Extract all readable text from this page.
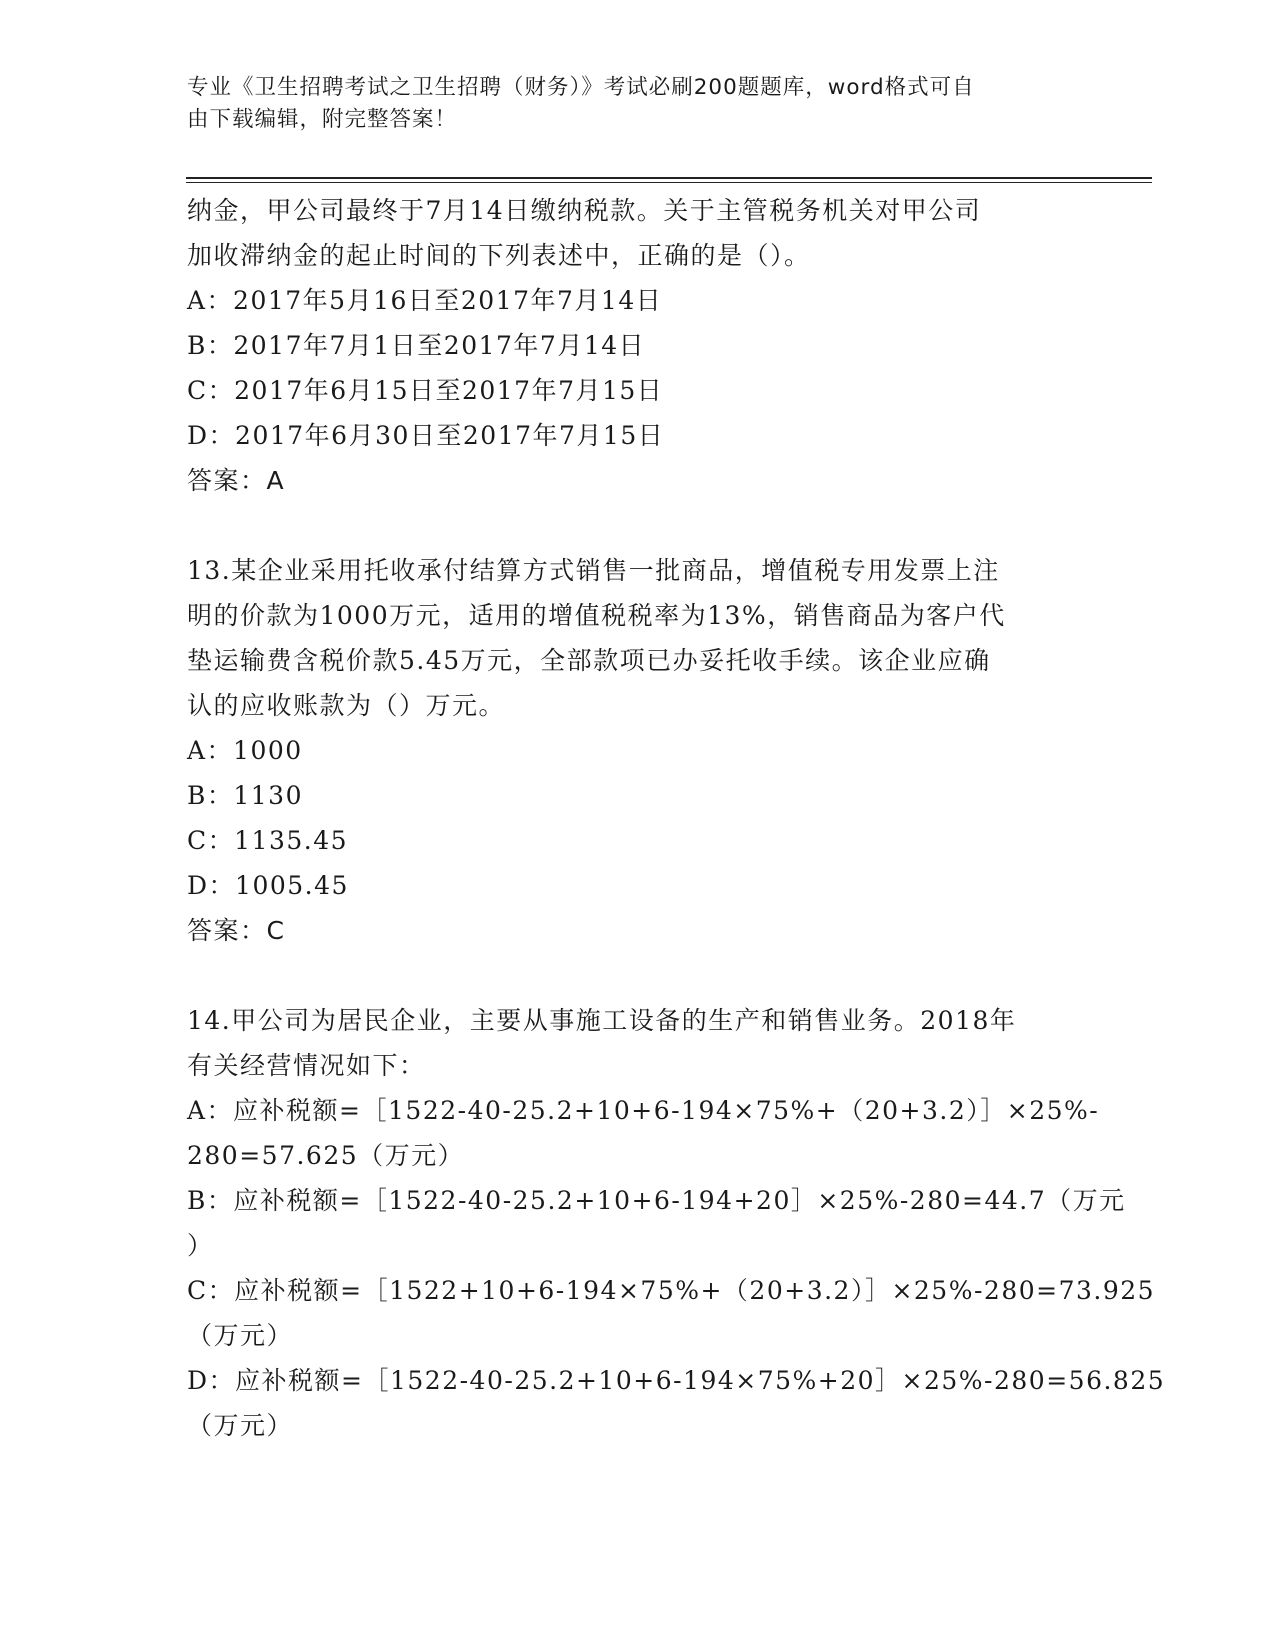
专业《卫生招聘考试之卫生招聘（财务）》考试必刷200题题库，word格式可自
由下载编辑，附完整答案！
纳金，甲公司最终于7月14日缴纳税款。关于主管税务机关对甲公司
加收滞纳金的起止时间的下列表述中，正确的是（）。
A：2017年5月16日至2017年7月14日
B：2017年7月1日至2017年7月14日
C：2017年6月15日至2017年7月15日
D：2017年6月30日至2017年7月15日
答案：A
13.某企业采用托收承付结算方式销售一批商品，增值税专用发票上注
明的价款为1000万元，适用的增值税税率为13%，销售商品为客户代
垫运输费含税价款5.45万元，全部款项已办妥托收手续。该企业应确
认的应收账款为（）万元。
A：1000
B：1130
C：1135.45
D：1005.45
答案：C
14.甲公司为居民企业，主要从事施工设备的生产和销售业务。2018年
有关经营情况如下：
A：应补税额=［1522-40-25.2+10+6-194×75%+（20+3.2）］×25%-
280=57.625（万元）
B：应补税额=［1522-40-25.2+10+6-194+20］×25%-280=44.7（万元
）
C：应补税额=［1522+10+6-194×75%+（20+3.2）］×25%-280=73.925
（万元）
D：应补税额=［1522-40-25.2+10+6-194×75%+20］×25%-280=56.825
（万元）
